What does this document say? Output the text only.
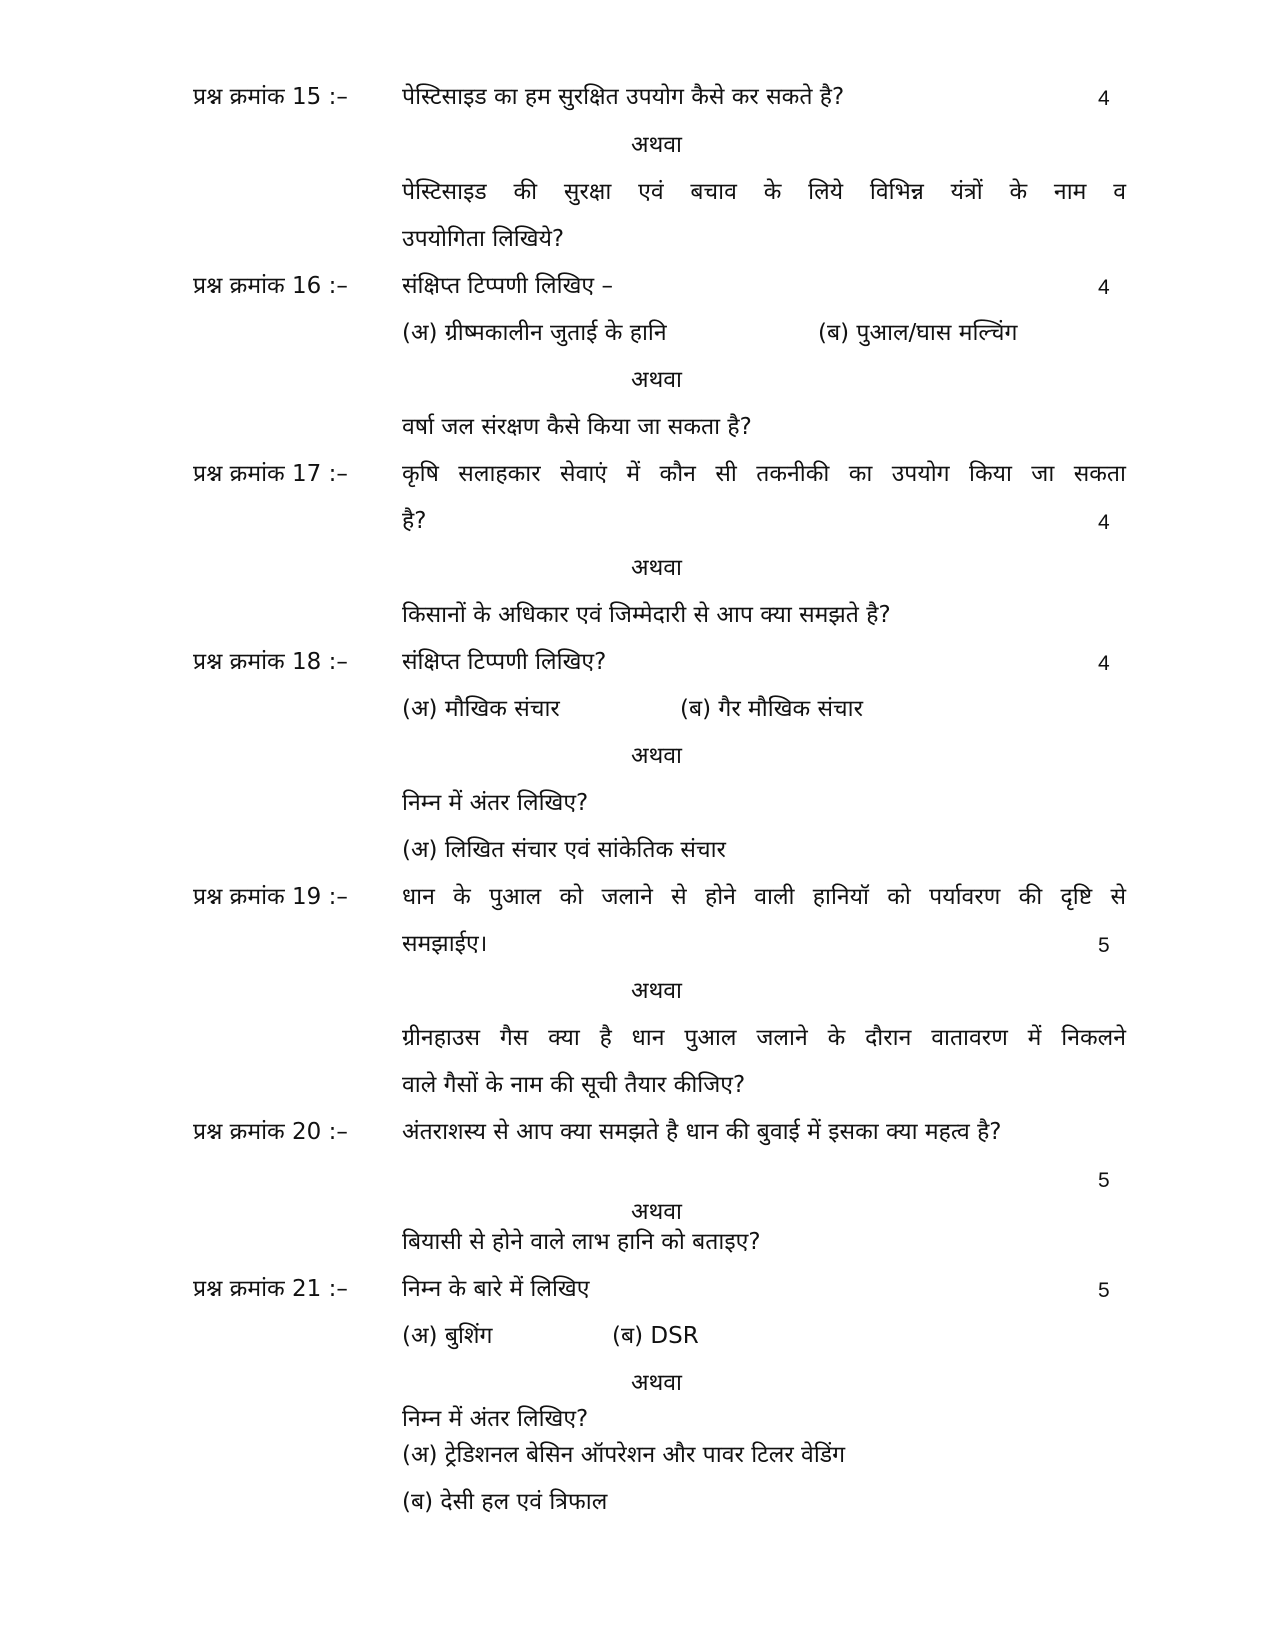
प्रश्न क्रमांक 15 :– पेस्टिसाइड का हम सुरक्षित उपयोग कैसे कर सकते है?	4
अथवा
पेस्टिसाइड की सुरक्षा एवं बचाव के लिये विभिन्न यंत्रों के नाम व
उपयोगिता लिखिये?
प्रश्न क्रमांक 16 :– संक्षिप्त टिप्पणी लिखिए –	4
(अ) ग्रीष्मकालीन जुताई के हानि	(ब) पुआल/घास मल्चिंग
अथवा
वर्षा जल संरक्षण कैसे किया जा सकता है?
प्रश्न क्रमांक 17 :– कृषि सलाहकार सेवाएं में कौन सी तकनीकी का उपयोग किया जा सकता
है?	4
अथवा
किसानों के अधिकार एवं जिम्मेदारी से आप क्या समझते है?
प्रश्न क्रमांक 18 :– संक्षिप्त टिप्पणी लिखिए?	4
(अ) मौखिक संचार	(ब) गैर मौखिक संचार
अथवा
निम्न में अंतर लिखिए?
(अ) लिखित संचार एवं सांकेतिक संचार
प्रश्न क्रमांक 19 :– धान के पुआल को जलाने से होने वाली हानियॉ को पर्यावरण की दृष्टि से
समझाईए।	5
अथवा
ग्रीनहाउस गैस क्या है धान पुआल जलाने के दौरान वातावरण में निकलने
वाले गैसों के नाम की सूची तैयार कीजिए?
प्रश्न क्रमांक 20 :– अंतराशस्य से आप क्या समझते है धान की बुवाई में इसका क्या महत्व है?
5
अथवा
बियासी से होने वाले लाभ हानि को बताइए?
प्रश्न क्रमांक 21 :– निम्न के बारे में लिखिए	5
(अ) बुशिंग	(ब) DSR
अथवा
निम्न में अंतर लिखिए?
(अ) ट्रेडिशनल बेसिन ऑपरेशन और पावर टिलर वेडिंग
(ब) देसी हल एवं त्रिफाल
